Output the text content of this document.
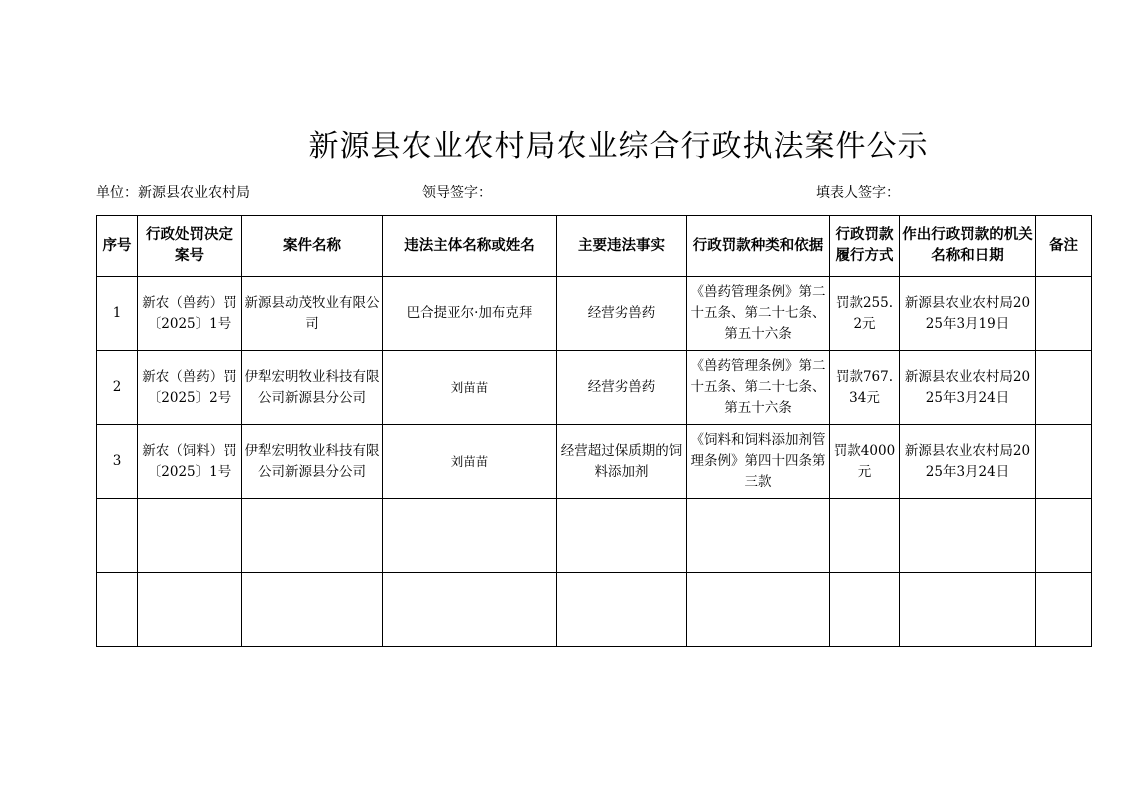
新源县农业农村局农业综合行政执法案件公示
单位：新源县农业农村局	领导签字：	填表人签字：
序号	行政处罚决定案号	案件名称	违法主体名称或姓名	主要违法事实	行政罚款种类和依据	行政罚款履行方式	作出行政罚款的机关名称和日期	备注
1	新农（兽药）罚〔2025〕1号	新源县动茂牧业有限公司	巴合提亚尔·加布克拜	经营劣兽药	《兽药管理条例》第二十五条、第二十七条、第五十六条	罚款255.2元	新源县农业农村局2025年3月19日	
2	新农（兽药）罚〔2025〕2号	伊犁宏明牧业科技有限公司新源县分公司	刘苗苗	经营劣兽药	《兽药管理条例》第二十五条、第二十七条、第五十六条	罚款767.34元	新源县农业农村局2025年3月24日	
3	新农（饲料）罚〔2025〕1号	伊犁宏明牧业科技有限公司新源县分公司	刘苗苗	经营超过保质期的饲料添加剂	《饲料和饲料添加剂管理条例》第四十四条第三款	罚款4000元	新源县农业农村局2025年3月24日	
